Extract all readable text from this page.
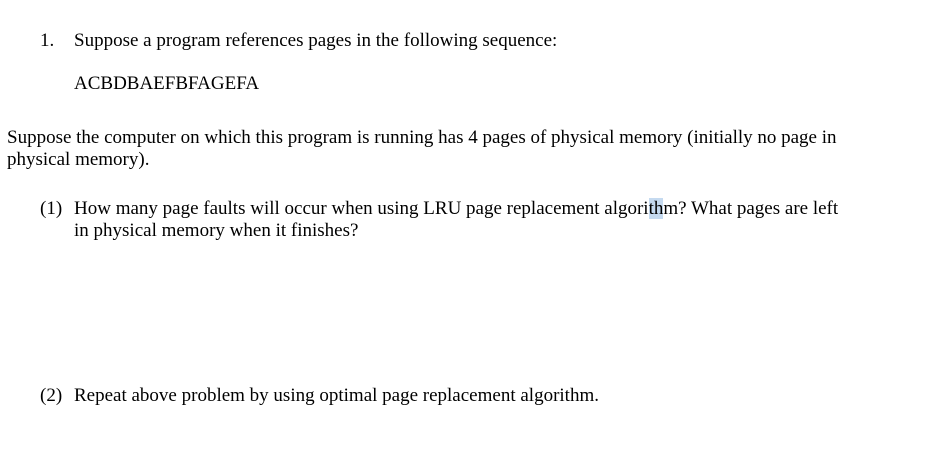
1. Suppose a program references pages in the following sequence:
ACBDBAEFBFAGEFA
Suppose the computer on which this program is running has 4 pages of physical memory (initially no page in
physical memory).
(1) How many page faults will occur when using LRU page replacement algorithm? What pages are left
in physical memory when it finishes?
(2) Repeat above problem by using optimal page replacement algorithm.
